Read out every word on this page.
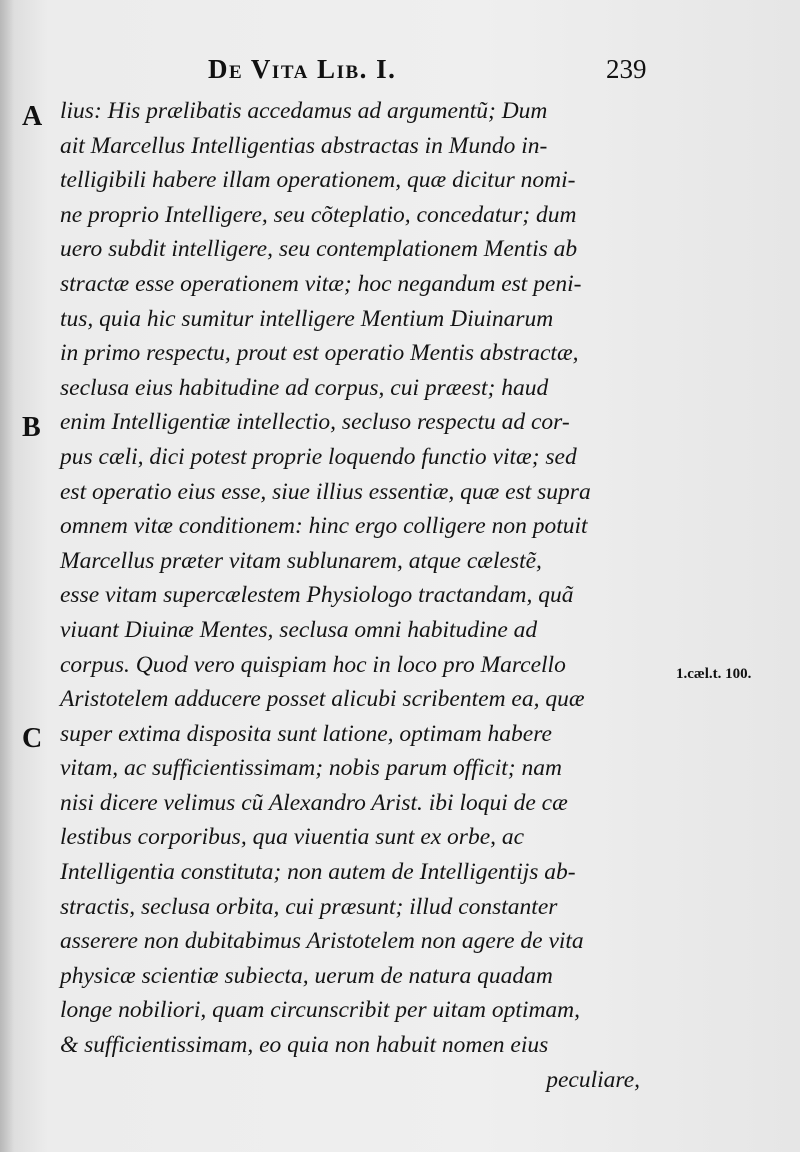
De Vita Lib. I.	239
A
B
C
1.cæl.t. 100.
lius: His prælibatis accedamus ad argumentũ; Dum
ait Marcellus Intelligentias abstractas in Mundo in-
telligibili habere illam operationem, quæ dicitur nomi-
ne proprio Intelligere, seu cõteplatio, concedatur; dum
uero subdit intelligere, seu contemplationem Mentis ab
stractæ esse operationem vitæ; hoc negandum est peni-
tus, quia hic sumitur intelligere Mentium Diuinarum
in primo respectu, prout est operatio Mentis abstractæ,
seclusa eius habitudine ad corpus, cui præest; haud
enim Intelligentiæ intellectio, secluso respectu ad cor-
pus cæli, dici potest proprie loquendo functio vitæ; sed
est operatio eius esse, siue illius essentiæ, quæ est supra
omnem vitæ conditionem: hinc ergo colligere non potuit
Marcellus præter vitam sublunarem, atque cælestẽ,
esse vitam supercælestem Physiologo tractandam, quã
viuant Diuinæ Mentes, seclusa omni habitudine ad
corpus. Quod vero quispiam hoc in loco pro Marcello
Aristotelem adducere posset alicubi scribentem ea, quæ
super extima disposita sunt latione, optimam habere
vitam, ac sufficientissimam; nobis parum officit; nam
nisi dicere velimus cũ Alexandro Arist. ibi loqui de cæ
lestibus corporibus, qua viuentia sunt ex orbe, ac
Intelligentia constituta; non autem de Intelligentijs ab-
stractis, seclusa orbita, cui præsunt; illud constanter
asserere non dubitabimus Aristotelem non agere de vita
physicæ scientiæ subiecta, uerum de natura quadam
longe nobiliori, quam circunscribit per uitam optimam,
& sufficientissimam, eo quia non habuit nomen eius
peculiare,
